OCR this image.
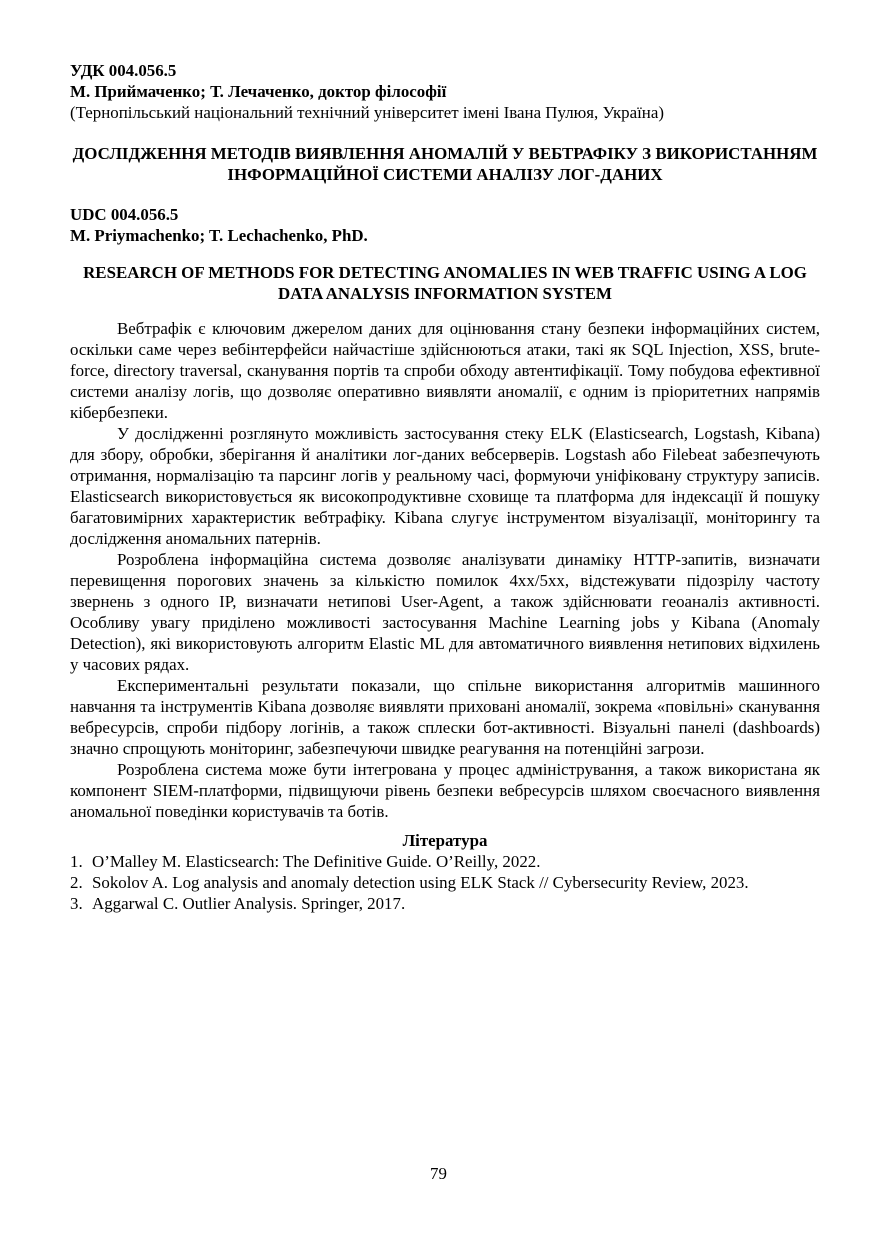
УДК 004.056.5
М. Приймаченко; Т. Лечаченко, доктор філософії
(Тернопільський національний технічний університет імені Івана Пулюя, Україна)
ДОСЛІДЖЕННЯ МЕТОДІВ ВИЯВЛЕННЯ АНОМАЛІЙ У ВЕБТРАФІКУ З ВИКОРИСТАННЯМ ІНФОРМАЦІЙНОЇ СИСТЕМИ АНАЛІЗУ ЛОГ-ДАНИХ
UDC 004.056.5
M. Priymachenko; T. Lechachenko, PhD.
RESEARCH OF METHODS FOR DETECTING ANOMALIES IN WEB TRAFFIC USING A LOG DATA ANALYSIS INFORMATION SYSTEM

Вебтрафік є ключовим джерелом даних для оцінювання стану безпеки інформаційних систем, оскільки саме через вебінтерфейси найчастіше здійснюються атаки, такі як SQL Injection, XSS, brute-force, directory traversal, сканування портів та спроби обходу автентифікації. Тому побудова ефективної системи аналізу логів, що дозволяє оперативно виявляти аномалії, є одним із пріоритетних напрямів кібербезпеки.

У дослідженні розглянуто можливість застосування стеку ELK (Elasticsearch, Logstash, Kibana) для збору, обробки, зберігання й аналітики лог-даних вебсерверів. Logstash або Filebeat забезпечують отримання, нормалізацію та парсинг логів у реальному часі, формуючи уніфіковану структуру записів. Elasticsearch використовується як високопродуктивне сховище та платформа для індексації й пошуку багатовимірних характеристик вебтрафіку. Kibana слугує інструментом візуалізації, моніторингу та дослідження аномальних патернів.

Розроблена інформаційна система дозволяє аналізувати динаміку HTTP-запитів, визначати перевищення порогових значень за кількістю помилок 4xx/5xx, відстежувати підозрілу частоту звернень з одного IP, визначати нетипові User-Agent, а також здійснювати геоаналіз активності. Особливу увагу приділено можливості застосування Machine Learning jobs у Kibana (Anomaly Detection), які використовують алгоритм Elastic ML для автоматичного виявлення нетипових відхилень у часових рядах.

Експериментальні результати показали, що спільне використання алгоритмів машинного навчання та інструментів Kibana дозволяє виявляти приховані аномалії, зокрема «повільні» сканування вебресурсів, спроби підбору логінів, а також сплески бот-активності. Візуальні панелі (dashboards) значно спрощують моніторинг, забезпечуючи швидке реагування на потенційні загрози.

Розроблена система може бути інтегрована у процес адміністрування, а також використана як компонент SIEM-платформи, підвищуючи рівень безпеки вебресурсів шляхом своєчасного виявлення аномальної поведінки користувачів та ботів.

Література
1. O’Malley M. Elasticsearch: The Definitive Guide. O’Reilly, 2022.
2. Sokolov A. Log analysis and anomaly detection using ELK Stack // Cybersecurity Review, 2023.
3. Aggarwal C. Outlier Analysis. Springer, 2017.
79
